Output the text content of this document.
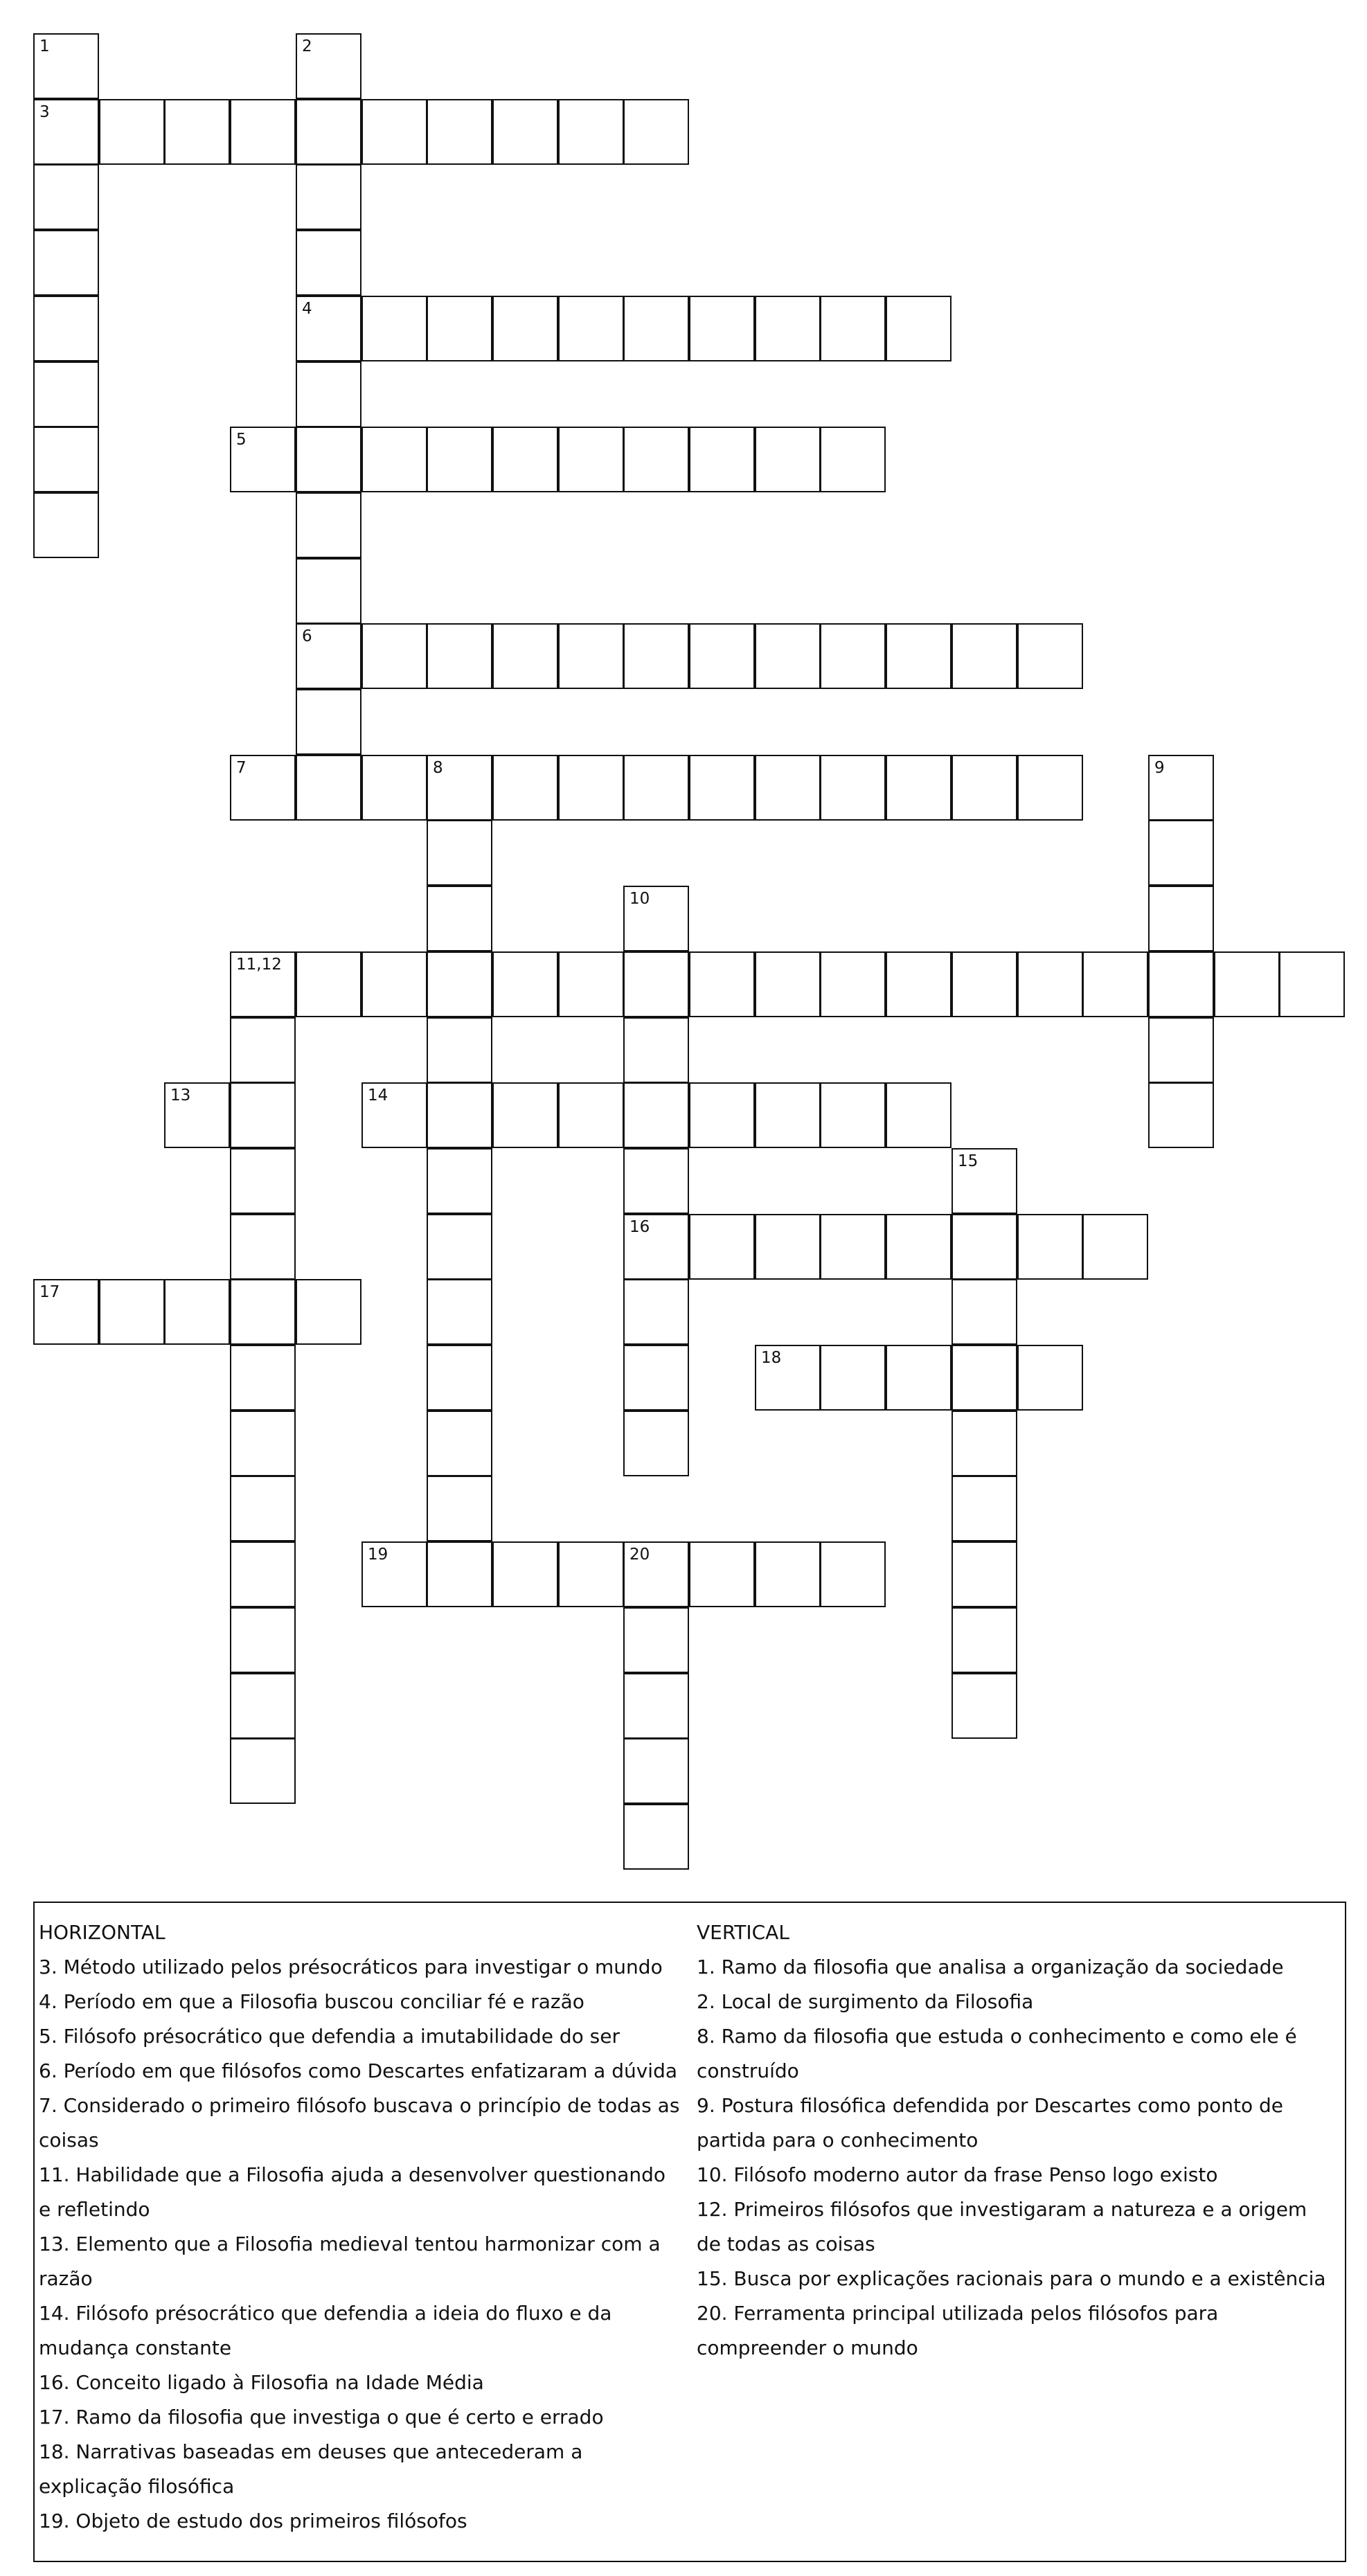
1	2
3
4
5
6
7	8	9
10
11,12
13	14
15
16
17
18
19	20
HORIZONTAL
3. Método utilizado pelos présocráticos para investigar o mundo
4. Período em que a Filosofia buscou conciliar fé e razão
5. Filósofo présocrático que defendia a imutabilidade do ser
6. Período em que filósofos como Descartes enfatizaram a dúvida
7. Considerado o primeiro filósofo buscava o princípio de todas as coisas
11. Habilidade que a Filosofia ajuda a desenvolver questionando e refletindo
13. Elemento que a Filosofia medieval tentou harmonizar com a razão
14. Filósofo présocrático que defendia a ideia do fluxo e da mudança constante
16. Conceito ligado à Filosofia na Idade Média
17. Ramo da filosofia que investiga o que é certo e errado
18. Narrativas baseadas em deuses que antecederam a explicação filosófica
19. Objeto de estudo dos primeiros filósofos
VERTICAL
1. Ramo da filosofia que analisa a organização da sociedade
2. Local de surgimento da Filosofia
8. Ramo da filosofia que estuda o conhecimento e como ele é construído
9. Postura filosófica defendida por Descartes como ponto de partida para o conhecimento
10. Filósofo moderno autor da frase Penso logo existo
12. Primeiros filósofos que investigaram a natureza e a origem de todas as coisas
15. Busca por explicações racionais para o mundo e a existência
20. Ferramenta principal utilizada pelos filósofos para compreender o mundo
